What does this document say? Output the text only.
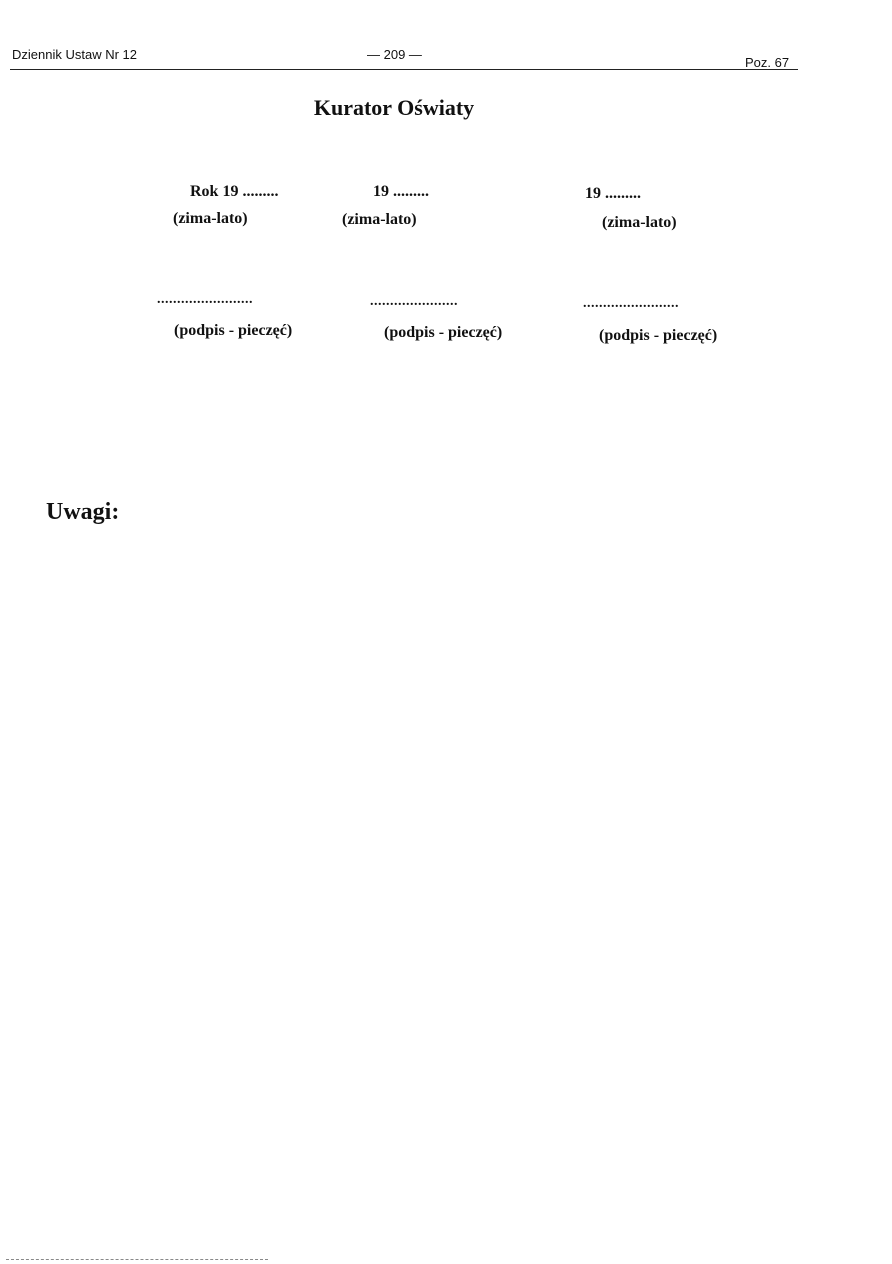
Dziennik Ustaw Nr 12	— 209 —
Poz. 67
Kurator Oświaty
Rok 19 .........
(zima-lato)
19 .........
(zima-lato)
19 .........
(zima-lato)
........................
(podpis - pieczęć)
......................
(podpis - pieczęć)
........................
(podpis - pieczęć)
Uwagi:
